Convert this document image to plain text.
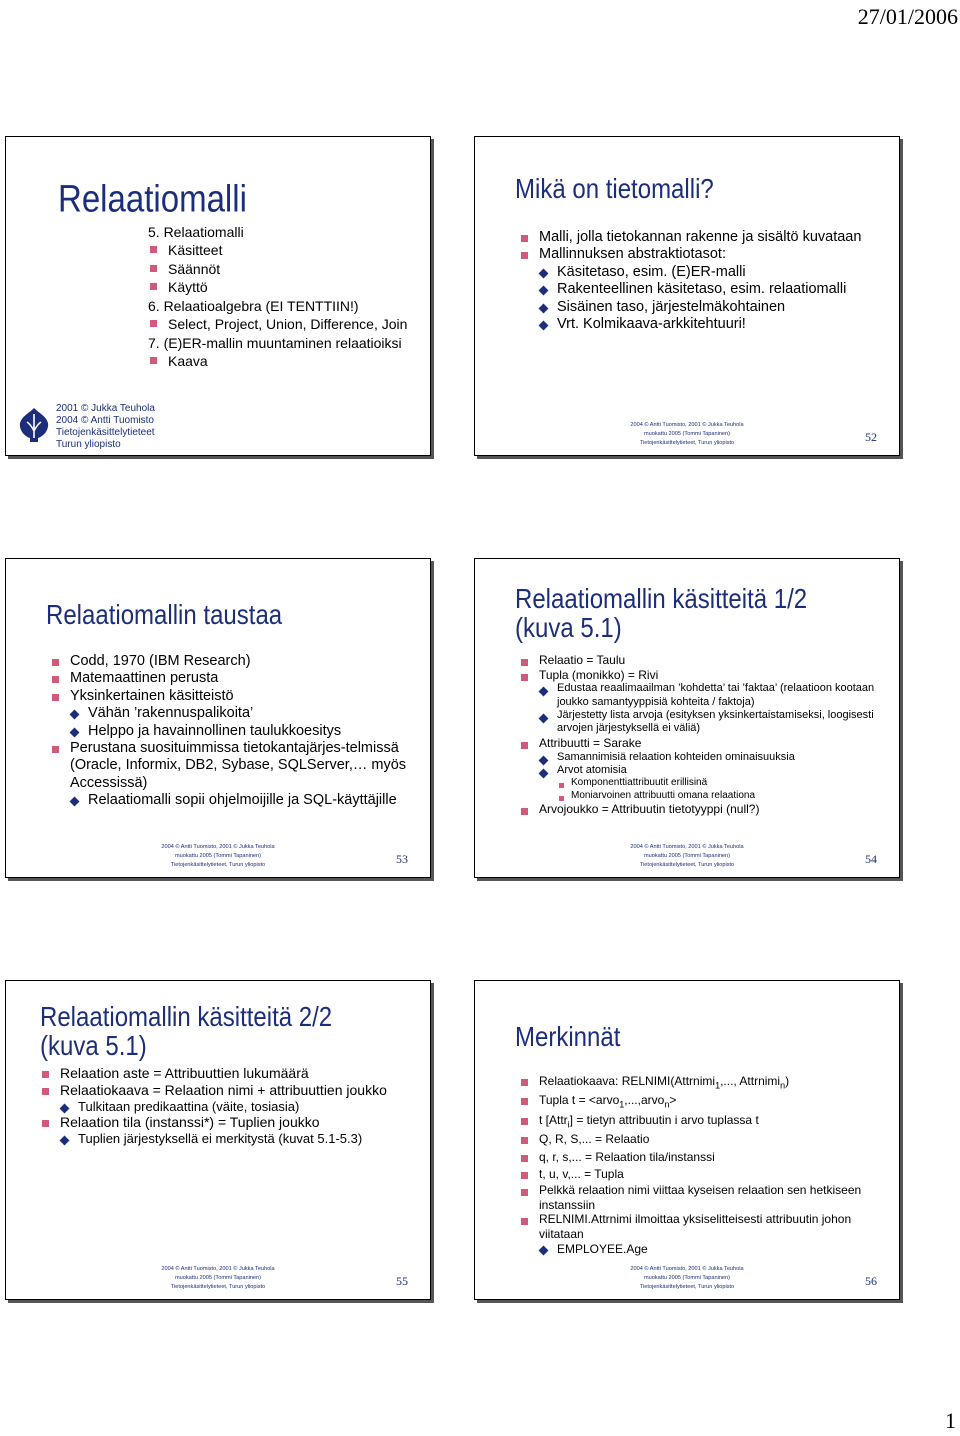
27/01/2006
Relaatiomalli
5. Relaatiomalli
Käsitteet
Säännöt
Käyttö
6. Relaatioalgebra (EI TENTTIIN!)
Select, Project, Union, Difference, Join
7. (E)ER-mallin muuntaminen relaatioiksi
Kaava
2001 © Jukka Teuhola
2004 © Antti Tuomisto
Tietojenkäsittelytieteet
Turun yliopisto
Mikä on tietomalli?
Malli, jolla tietokannan rakenne ja sisältö kuvataan
Mallinnuksen abstraktiotasot:
Käsitetaso, esim. (E)ER-malli
Rakenteellinen käsitetaso, esim. relaatiomalli
Sisäinen taso, järjestelmäkohtainen
Vrt. Kolmikaava-arkkitehtuuri!
2004 © Antti Tuomisto, 2001 © Jukka Teuhola
muokattu 2005 (Tommi Tapaninen)
Tietojenkäsittelytieteet, Turun yliopisto	52
Relaatiomallin taustaa
Codd, 1970 (IBM Research)
Matemaattinen perusta
Yksinkertainen käsitteistö
Vähän ’rakennuspalikoita’
Helppo ja havainnollinen taulukkoesitys
Perustana suosituimmissa tietokantajärjes-telmissä (Oracle, Informix, DB2, Sybase, SQLServer,… myös Accessissä)
Relaatiomalli sopii ohjelmoijille ja SQL-käyttäjille
2004 © Antti Tuomisto, 2001 © Jukka Teuhola
muokattu 2005 (Tommi Tapaninen)
Tietojenkäsittelytieteet, Turun yliopisto	53
Relaatiomallin käsitteitä 1/2
(kuva 5.1)
Relaatio = Taulu
Tupla (monikko) = Rivi
Edustaa reaalimaailman ’kohdetta’ tai ’faktaa’ (relaatioon kootaan joukko samantyyppisiä kohteita / faktoja)
Järjestetty lista arvoja (esityksen yksinkertaistamiseksi, loogisesti arvojen järjestyksellä ei väliä)
Attribuutti = Sarake
Samannimisiä relaation kohteiden ominaisuuksia
Arvot atomisia
Komponenttiattribuutit erillisinä
Moniarvoinen attribuutti omana relaationa
Arvojoukko = Attribuutin tietotyyppi (null?)
2004 © Antti Tuomisto, 2001 © Jukka Teuhola
muokattu 2005 (Tommi Tapaninen)
Tietojenkäsittelytieteet, Turun yliopisto	54
Relaatiomallin käsitteitä 2/2
(kuva 5.1)
Relaation aste = Attribuuttien lukumäärä
Relaatiokaava = Relaation nimi + attribuuttien joukko
Tulkitaan predikaattina (väite, tosiasia)
Relaation tila (instanssi*) = Tuplien joukko
Tuplien järjestyksellä ei merkitystä (kuvat 5.1-5.3)
2004 © Antti Tuomisto, 2001 © Jukka Teuhola
muokattu 2005 (Tommi Tapaninen)
Tietojenkäsittelytieteet, Turun yliopisto	55
Merkinnät
Relaatiokaava: RELNIMI(Attrnimi$_1$,..., Attrnimi$_n$)
Tupla t = <arvo$_1$,...,arvo$_n$>
t [Attr$_i$] = tietyn attribuutin i arvo tuplassa t
Q, R, S,... = Relaatio
q, r, s,... = Relaation tila/instanssi
t, u, v,... = Tupla
Pelkkä relaation nimi viittaa kyseisen relaation sen hetkiseen instanssiin
RELNIMI.Attrnimi ilmoittaa yksiselitteisesti attribuutin johon viitataan
EMPLOYEE.Age
2004 © Antti Tuomisto, 2001 © Jukka Teuhola
muokattu 2005 (Tommi Tapaninen)
Tietojenkäsittelytieteet, Turun yliopisto	56
1
